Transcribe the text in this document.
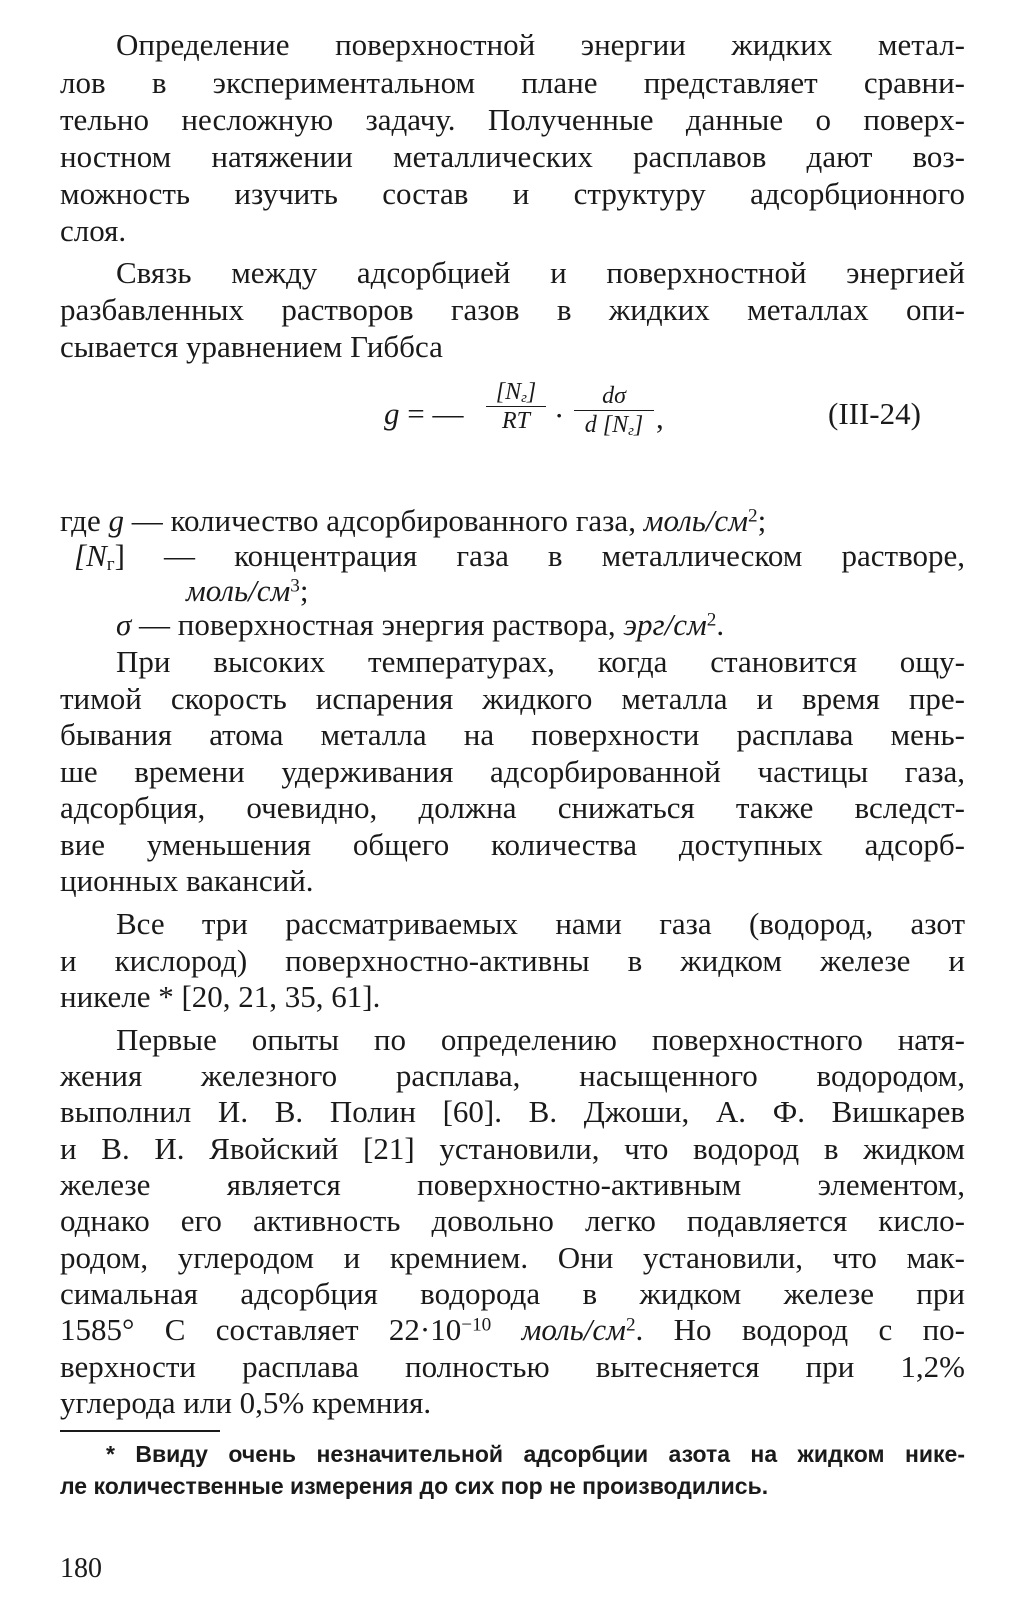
Определение поверхностной энергии жидких метал-
лов в экспериментальном плане представляет сравни-
тельно несложную задачу. Полученные данные о поверх-
ностном натяжении металлических расплавов дают воз-
можность изучить состав и структуру адсорбционного
слоя.
Связь между адсорбцией и поверхностной энергией
разбавленных растворов газов в жидких металлах опи-
сывается уравнением Гиббса
g = —
$[N_г]$
RT ·
dσ
d $[N_г]$ ,	(III-24)
где g — количество адсорбированного газа, моль/$см^2$;
$[N_г]$ — концентрация газа в металлическом растворе,
моль/$см^3$;
σ — поверхностная энергия раствора, эрг/$см^2$.
При высоких температурах, когда становится ощу-
тимой скорость испарения жидкого металла и время пре-
бывания атома металла на поверхности расплава мень-
ше времени удерживания адсорбированной частицы газа,
адсорбция, очевидно, должна снижаться также вследст-
вие уменьшения общего количества доступных адсорб-
ционных вакансий.
Все три рассматриваемых нами газа (водород, азот
и кислород) поверхностно-активны в жидком железе и
никеле * [20, 21, 35, 61].
Первые опыты по определению поверхностного натя-
жения железного расплава, насыщенного водородом,
выполнил И. В. Полин [60]. В. Джоши, А. Ф. Вишкарев
и В. И. Явойский [21] установили, что водород в жидком
железе является поверхностно-активным элементом,
однако его активность довольно легко подавляется кисло-
родом, углеродом и кремнием. Они установили, что мак-
симальная адсорбция водорода в жидком железе при
1585° С составляет $22\cdot 10^{-10}$ моль/$см^2$. Но водород с по-
верхности расплава полностью вытесняется при 1,2%
углерода или 0,5% кремния.
* Ввиду очень незначительной адсорбции азота на жидком нике-
ле количественные измерения до сих пор не производились.
180
